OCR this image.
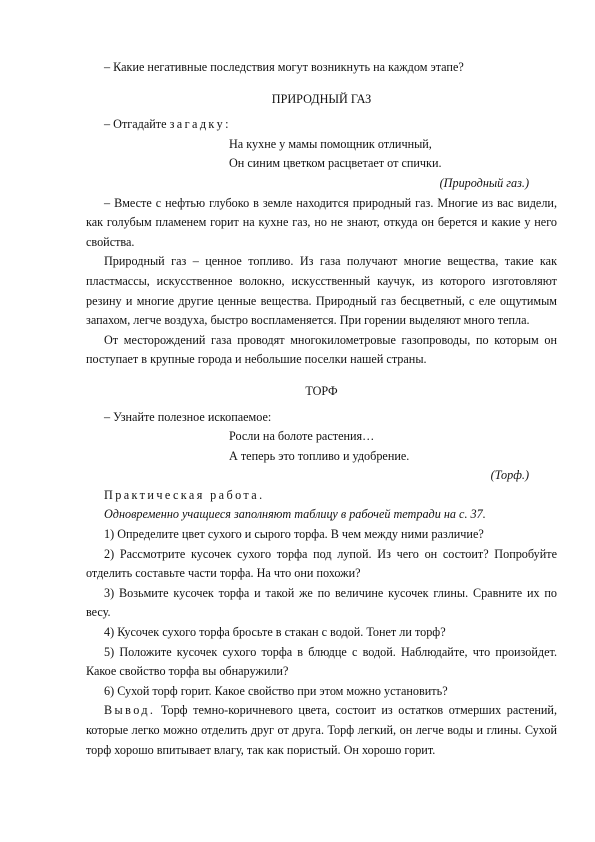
– Какие негативные последствия могут возникнуть на каждом этапе?

ПРИРОДНЫЙ ГАЗ

– Отгадайте загадку:

На кухне у мамы помощник отличный,

Он синим цветком расцветает от спички.

(Природный газ.)

– Вместе с нефтью глубоко в земле находится природный газ. Многие из вас видели, как голубым пламенем горит на кухне газ, но не знают, откуда он берется и какие у него свойства.

Природный газ – ценное топливо. Из газа получают многие вещества, такие как пластмассы, искусственное волокно, искусственный каучук, из которого изготовляют резину и многие другие ценные вещества. Природный газ бесцветный, с еле ощутимым запахом, легче воздуха, быстро воспламеняется. При горении выделяют много тепла.

От месторождений газа проводят многокилометровые газопроводы, по которым он поступает в крупные города и небольшие поселки нашей страны.

ТОРФ

– Узнайте полезное ископаемое:

Росли на болоте растения…

А теперь это топливо и удобрение.

(Торф.)

Практическая работа.

Одновременно учащиеся заполняют таблицу в рабочей тетради на с. 37.

1) Определите цвет сухого и сырого торфа. В чем между ними различие?

2) Рассмотрите кусочек сухого торфа под лупой. Из чего он состоит? Попробуйте отделить составьте части торфа. На что они похожи?

3) Возьмите кусочек торфа и такой же по величине кусочек глины. Сравните их по весу.

4) Кусочек сухого торфа бросьте в стакан с водой. Тонет ли торф?

5) Положите кусочек сухого торфа в блюдце с водой. Наблюдайте, что произойдет. Какое свойство торфа вы обнаружили?

6) Сухой торф горит. Какое свойство при этом можно установить?

Вывод. Торф темно-коричневого цвета, состоит из остатков отмерших растений, которые легко можно отделить друг от друга. Торф легкий, он легче воды и глины. Сухой торф хорошо впитывает влагу, так как пористый. Он хорошо горит.
